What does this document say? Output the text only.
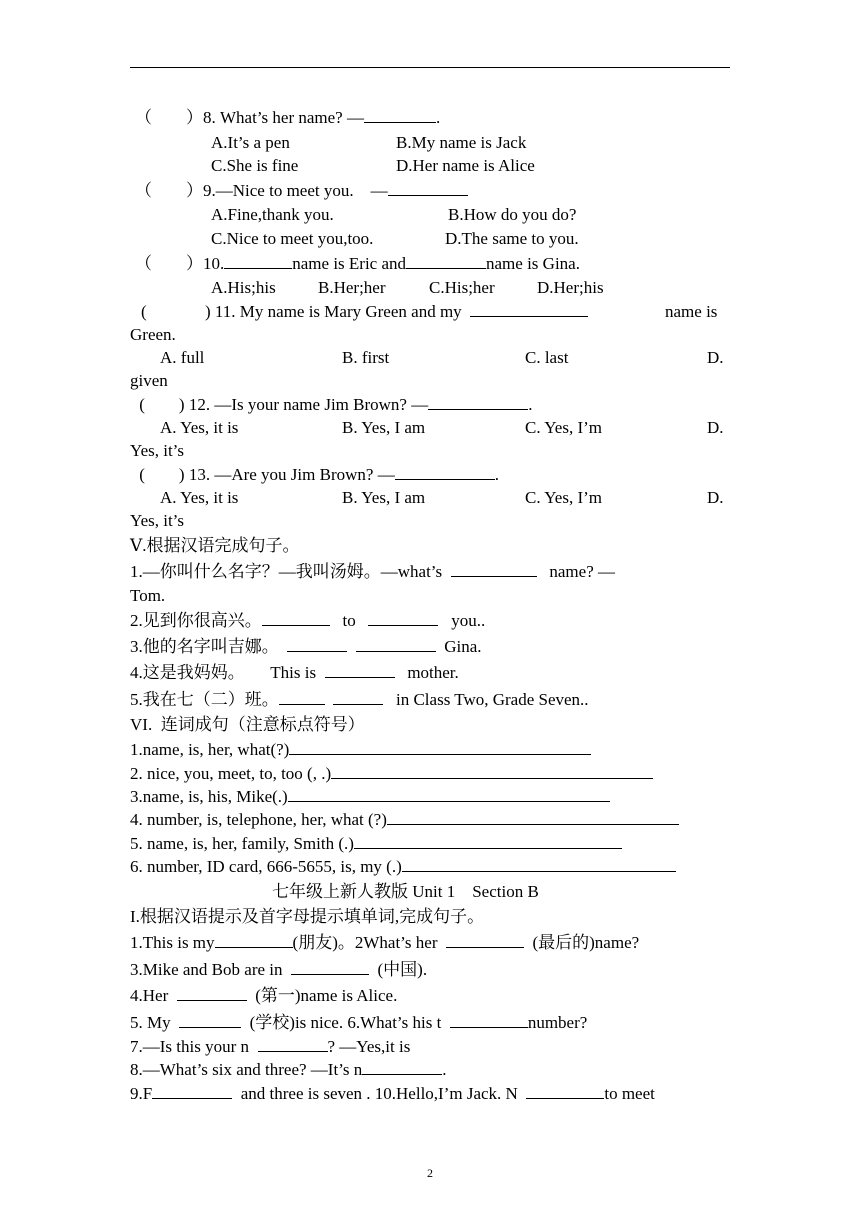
（　　）8. What’s her name? —	.
A.It’s a pen	B.My name is Jack
C.She is fine	D.Her name is Alice
（　　）9.—Nice to meet you.　—
A.Fine,thank you.	B.How do you do?
C.Nice to meet you,too.	D.The same to you.
（　　）10.	name is Eric and	name is Gina.
A.His;his B.Her;her	C.His;her D.Her;his
(	) 11. My name is Mary Green and my	name is
Green.
A. full	B. first	C. last	D.
given
(        ) 12. —Is your name Jim Brown? —	.
A. Yes, it is	B. Yes, I am	C. Yes, I’m	D.
Yes, it’s
(        ) 13. —Are you Jim Brown? —	.
A. Yes, it is	B. Yes, I am	C. Yes, I’m	D.
Yes, it’s
Ⅴ.根据汉语完成句子。
1.—你叫什么名字？—我叫汤姆。—what’s	name? —
Tom.
2.见到你很高兴。	to	you..
3.他的名字叫吉娜。	Gina.
4.这是我妈妈。 This is	mother.
5.我在七（二）班。	in Class Two, Grade Seven..
VI.  连词成句（注意标点符号）
1.name, is, her, what(?)
2. nice, you, meet, to, too (, .)
3.name, is, his, Mike(.)
4. number, is, telephone, her, what (?)
5. name, is, her, family, Smith (.)
6. number, ID card, 666-5655, is, my (.)
七年级上新人教版 Unit 1　Section B
I.根据汉语提示及首字母提示填单词,完成句子。
1.This is my	(朋友)。2What’s her	(最后的)name?
3.Mike and Bob are in	(中国).
4.Her	(第一)name is Alice.
5. My	(学校)is nice. 6.What’s his t	number?
7.—Is this your n	? —Yes,it is
8.—What’s six and three? —It’s n	.
9.F	and three is seven . 10.Hello,I’m Jack. N	to meet
2
